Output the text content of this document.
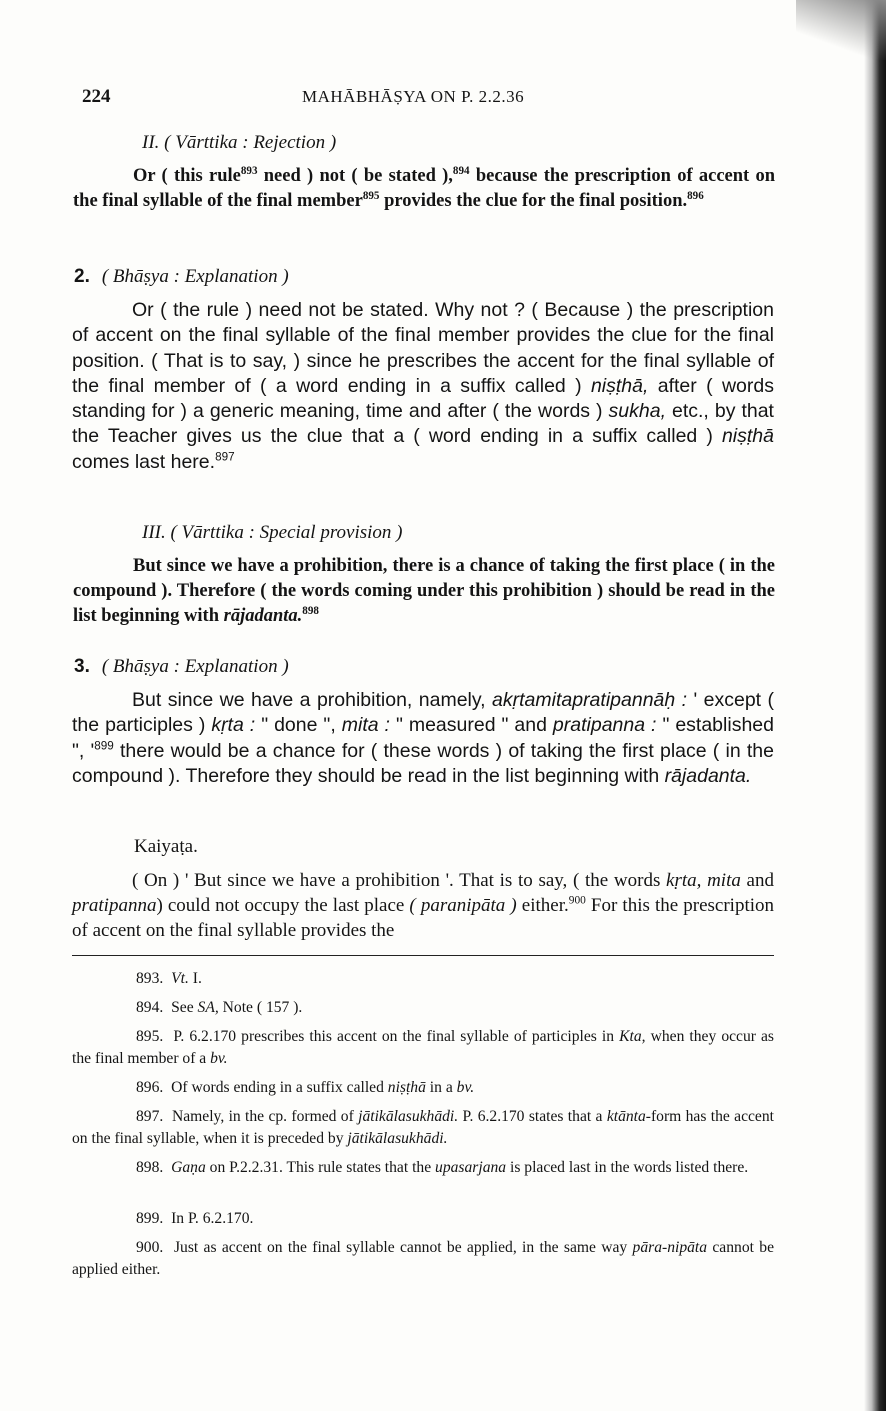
224	MAHĀBHĀṢYA ON P. 2.2.36
II. ( Vārttika : Rejection )
Or ( this rule$^{893}$ need ) not ( be stated ),$^{894}$ because the prescription of accent on the final syllable of the final member$^{895}$ provides the clue for the final position.$^{896}$
2. ( Bhāṣya : Explanation )
Or ( the rule ) need not be stated. Why not ? ( Because ) the prescription of accent on the final syllable of the final member provides the clue for the final position. ( That is to say, ) since he prescribes the accent for the final syllable of the final member of ( a word ending in a suffix called ) niṣṭhā, after ( words standing for ) a generic meaning, time and after ( the words ) sukha, etc., by that the Teacher gives us the clue that a ( word ending in a suffix called ) niṣṭhā comes last here.$^{897}$
III. ( Vārttika : Special provision )
But since we have a prohibition, there is a chance of taking the first place ( in the compound ). Therefore ( the words coming under this prohibition ) should be read in the list beginning with rājadanta.$^{898}$
3. ( Bhāṣya : Explanation )
But since we have a prohibition, namely, akṛtamitapratipannāḥ : ' except ( the participles ) kṛta : " done ", mita : " measured " and pratipanna : " established ", '$^{899}$ there would be a chance for ( these words ) of taking the first place ( in the compound ). Therefore they should be read in the list beginning with rājadanta.
Kaiyaṭa.
( On ) ' But since we have a prohibition '. That is to say, ( the words kṛta, mita and pratipanna) could not occupy the last place ( paranipāta ) either.$^{900}$ For this the prescription of accent on the final syllable provides the
893. Vt. I.
894. See SA, Note ( 157 ).
895. P. 6.2.170 prescribes this accent on the final syllable of participles in Kta, when they occur as the final member of a bv.
896. Of words ending in a suffix called niṣṭhā in a bv.
897. Namely, in the cp. formed of jātikālasukhādi. P. 6.2.170 states that a ktānta-form has the accent on the final syllable, when it is preceded by jātikālasukhādi.
898. Gaṇa on P.2.2.31. This rule states that the upasarjana is placed last in the words listed there.
899. In P. 6.2.170.
900. Just as accent on the final syllable cannot be applied, in the same way pāra-nipāta cannot be applied either.
